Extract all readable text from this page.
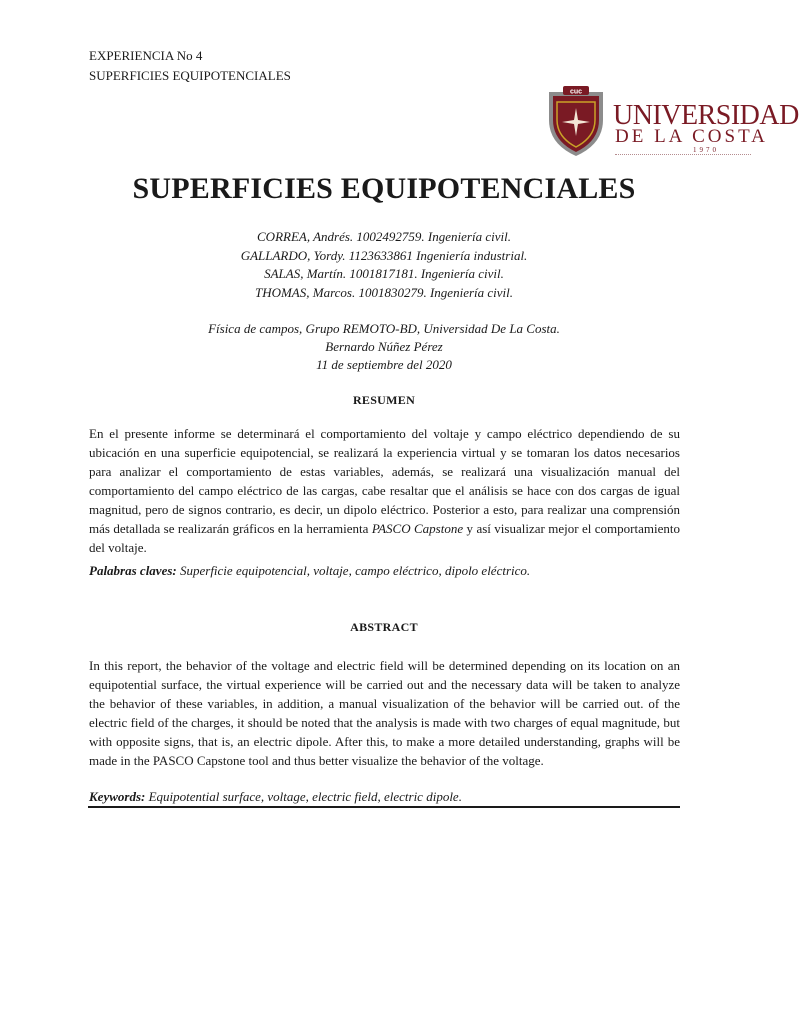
EXPERIENCIA No 4
SUPERFICIES EQUIPOTENCIALES
cuc
UNIVERSIDAD
DE LA COSTA
1970
SUPERFICIES EQUIPOTENCIALES
CORREA, Andrés. 1002492759. Ingeniería civil.
GALLARDO, Yordy. 1123633861 Ingeniería industrial.
SALAS, Martín. 1001817181. Ingeniería civil.
THOMAS, Marcos. 1001830279. Ingeniería civil.
Física de campos, Grupo REMOTO-BD, Universidad De La Costa.
Bernardo Núñez Pérez
11 de septiembre del 2020
RESUMEN
En el presente informe se determinará el comportamiento del voltaje y campo eléctrico dependiendo de su ubicación en una superficie equipotencial, se realizará la experiencia virtual y se tomaran los datos necesarios para analizar el comportamiento de estas variables, además, se realizará una visualización manual del comportamiento del campo eléctrico de las cargas, cabe resaltar que el análisis se hace con dos cargas de igual magnitud, pero de signos contrario, es decir, un dipolo eléctrico. Posterior a esto, para realizar una comprensión más detallada se realizarán gráficos en la herramienta PASCO Capstone y así visualizar mejor el comportamiento del voltaje.
Palabras claves: Superficie equipotencial, voltaje, campo eléctrico, dipolo eléctrico.
ABSTRACT
In this report, the behavior of the voltage and electric field will be determined depending on its location on an equipotential surface, the virtual experience will be carried out and the necessary data will be taken to analyze the behavior of these variables, in addition, a manual visualization of the behavior will be carried out. of the electric field of the charges, it should be noted that the analysis is made with two charges of equal magnitude, but with opposite signs, that is, an electric dipole. After this, to make a more detailed understanding, graphs will be made in the PASCO Capstone tool and thus better visualize the behavior of the voltage.
Keywords: Equipotential surface, voltage, electric field, electric dipole.
